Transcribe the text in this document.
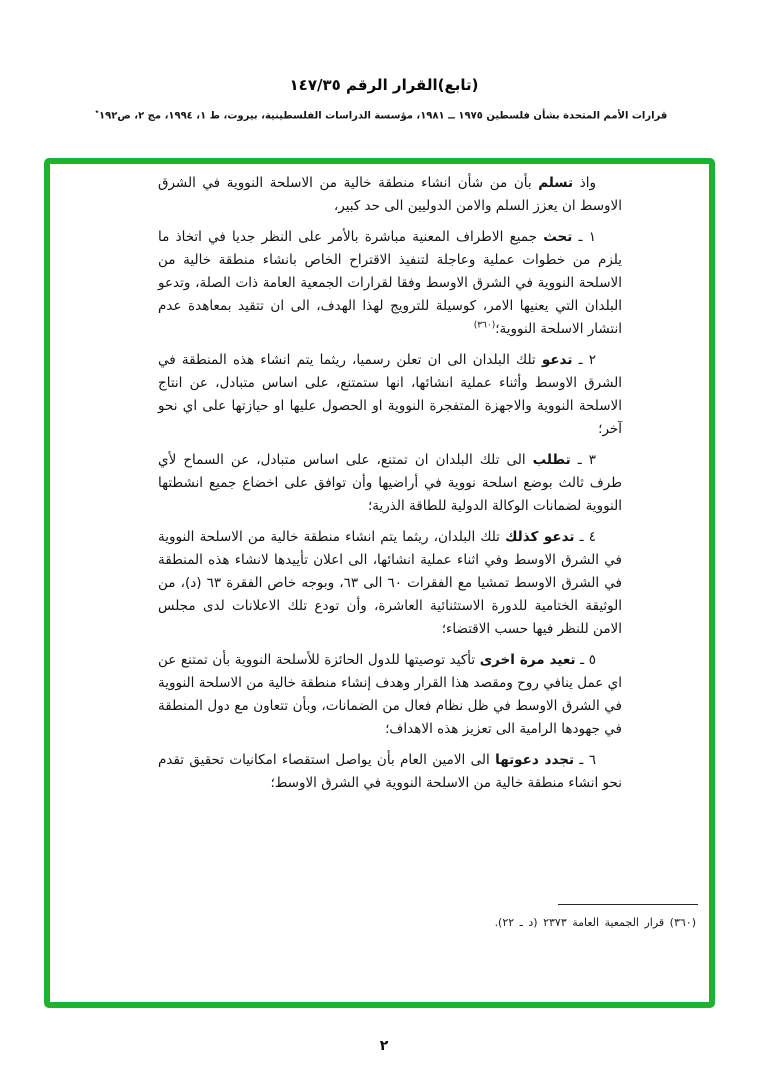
(تابع)القرار الرقم ١٤٧/٣٥
قرارات الأمم المتحدة بشأن فلسطين ١٩٧٥ ــ ١٩٨١، مؤسسة الدراسات الفلسطينية، بيروت، ط ١، ١٩٩٤، مج ٢، ص١٩٢٭

واذ تسلم بأن من شأن انشاء منطقة خالية من الاسلحة النووية في الشرق الاوسط ان يعزز السلم والامن الدوليين الى حد كبير،

١ ـ تحث جميع الاطراف المعنية مباشرة بالأمر على النظر جديا في اتخاذ ما يلزم من خطوات عملية وعاجلة لتنفيذ الاقتراح الخاص بانشاء منطقة خالية من الاسلحة النووية في الشرق الاوسط وفقا لقرارات الجمعية العامة ذات الصلة، وتدعو البلدان التي يعنيها الامر، كوسيلة للترويج لهذا الهدف، الى ان تتقيد بمعاهدة عدم انتشار الاسلحة النووية؛$^{(٣٦٠)}$

٢ ـ تدعو تلك البلدان الى ان تعلن رسميا، ريثما يتم انشاء هذه المنطقة في الشرق الاوسط وأثناء عملية انشائها، انها ستمتنع، على اساس متبادل، عن انتاج الاسلحة النووية والاجهزة المتفجرة النووية او الحصول عليها او حيازتها على اي نحو آخر؛

٣ ـ تطلب الى تلك البلدان ان تمتنع، على اساس متبادل، عن السماح لأي طرف ثالث بوضع اسلحة نووية في أراضيها وأن توافق على اخضاع جميع انشطتها النووية لضمانات الوكالة الدولية للطاقة الذرية؛

٤ ـ تدعو كذلك تلك البلدان، ريثما يتم انشاء منطقة خالية من الاسلحة النووية في الشرق الاوسط وفي اثناء عملية انشائها، الى اعلان تأييدها لانشاء هذه المنطقة في الشرق الاوسط تمشيا مع الفقرات ٦٠ الى ٦٣، وبوجه خاص الفقرة ٦٣ (د)، من الوثيقة الختامية للدورة الاستثنائية العاشرة، وأن تودع تلك الاعلانات لدى مجلس الامن للنظر فيها حسب الاقتضاء؛

٥ ـ تعيد مرة اخرى تأكيد توصيتها للدول الحائزة للأسلحة النووية بأن تمتنع عن اي عمل ينافي روح ومقصد هذا القرار وهدف إنشاء منطقة خالية من الاسلحة النووية في الشرق الاوسط في ظل نظام فعال من الضمانات، وبأن تتعاون مع دول المنطقة في جهودها الرامية الى تعزيز هذه الاهداف؛

٦ ـ تجدد دعوتها الى الامين العام بأن يواصل استقصاء امكانيات تحقيق تقدم نحو انشاء منطقة خالية من الاسلحة النووية في الشرق الاوسط؛

(٣٦٠) قرار الجمعية العامة ٢٣٧٣ (د ـ ٢٢).
٢
